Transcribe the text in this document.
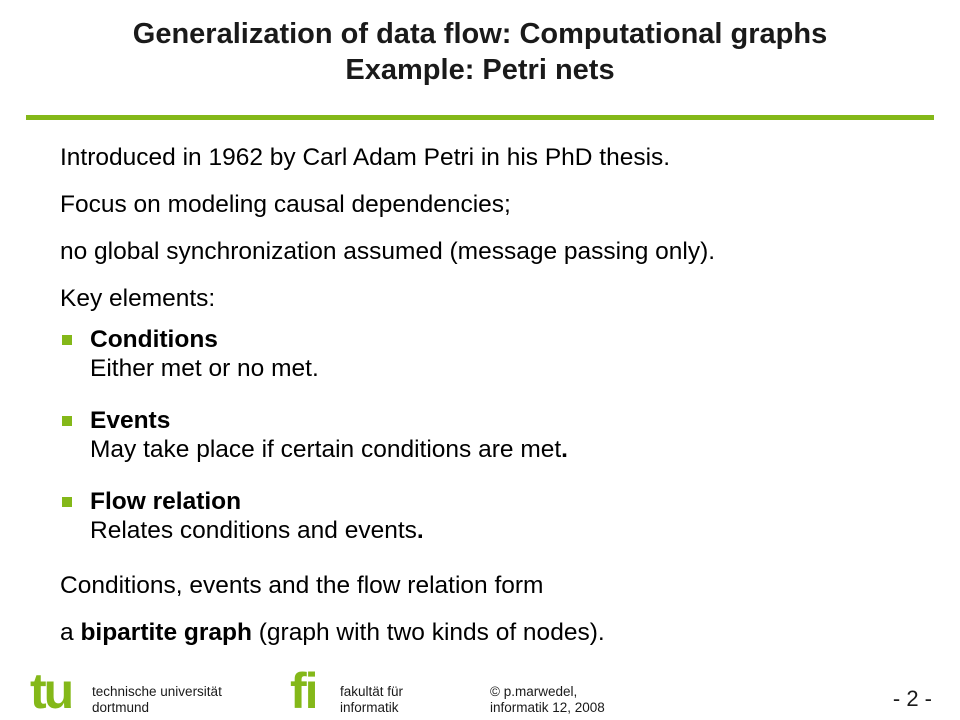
Generalization of data flow: Computational graphs
Example: Petri nets
Introduced in 1962 by Carl Adam Petri in his PhD thesis.
Focus on modeling causal dependencies;
no global synchronization assumed (message passing only).
Key elements:
Conditions
Either met or no met.
Events
May take place if certain conditions are met.
Flow relation
Relates conditions and events.
Conditions, events and the flow relation form
a bipartite graph (graph with two kinds of nodes).
tu technische universität
dortmund	fi fakultät für
informatik
© p.marwedel,
informatik 12, 2008	- 2 -
